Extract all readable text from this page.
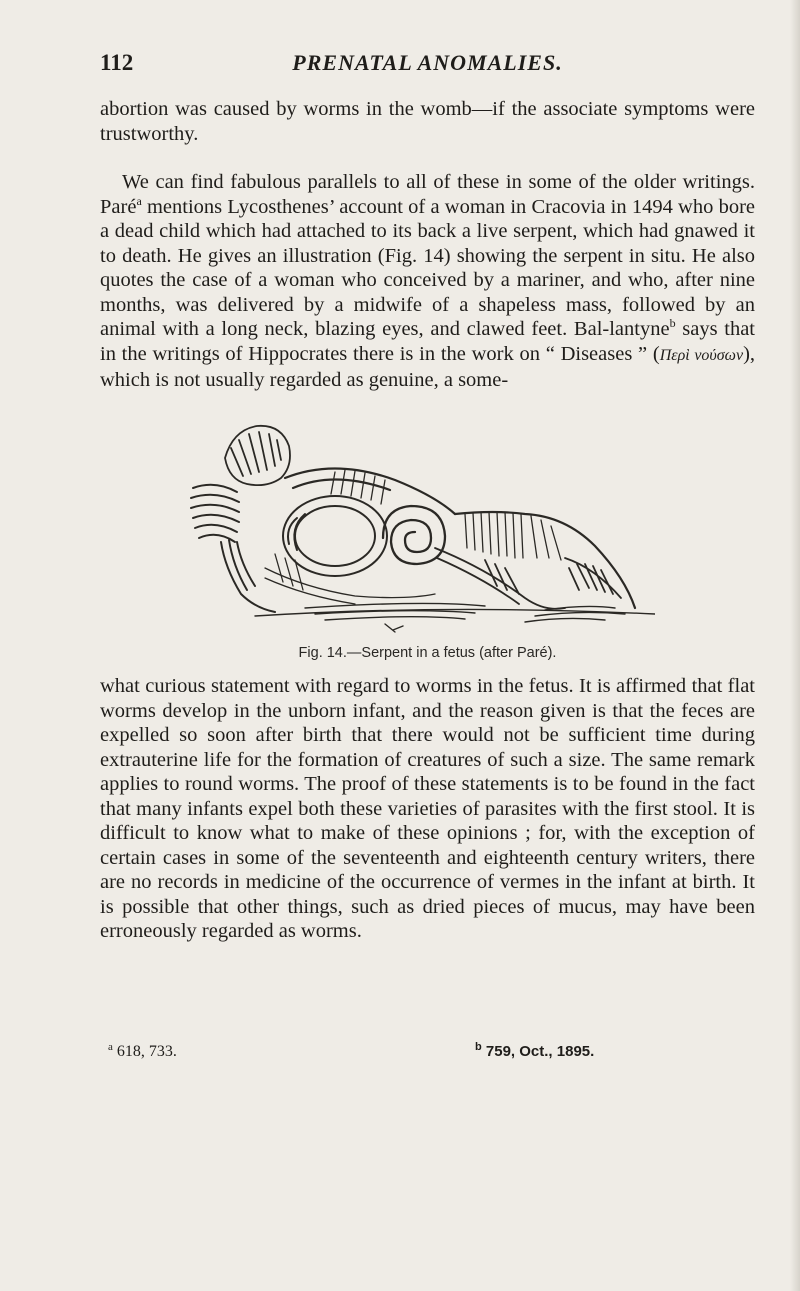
112	PRENATAL ANOMALIES.

abortion was caused by worms in the womb—if the associate symptoms were trustworthy.

We can find fabulous parallels to all of these in some of the older writings. Paré$^a$ mentions Lycosthenes’ account of a woman in Cracovia in 1494 who bore a dead child which had attached to its back a live serpent, which had gnawed it to death. He gives an illustration (Fig. 14) showing the serpent in situ. He also quotes the case of a woman who conceived by a mariner, and who, after nine months, was delivered by a midwife of a shapeless mass, followed by an animal with a long neck, blazing eyes, and clawed feet. Bal-lantyne$^b$ says that in the writings of Hippocrates there is in the work on “ Diseases ” (Περὶ νούσων), which is not usually regarded as genuine, a some-

Fig. 14.—Serpent in a fetus (after Paré).

what curious statement with regard to worms in the fetus. It is affirmed that flat worms develop in the unborn infant, and the reason given is that the feces are expelled so soon after birth that there would not be sufficient time during extrauterine life for the formation of creatures of such a size. The same remark applies to round worms. The proof of these statements is to be found in the fact that many infants expel both these varieties of parasites with the first stool. It is difficult to know what to make of these opinions ; for, with the exception of certain cases in some of the seventeenth and eighteenth century writers, there are no records in medicine of the occurrence of vermes in the infant at birth. It is possible that other things, such as dried pieces of mucus, may have been erroneously regarded as worms.

$^a$ 618, 733.	$^b$ 759, Oct., 1895.
